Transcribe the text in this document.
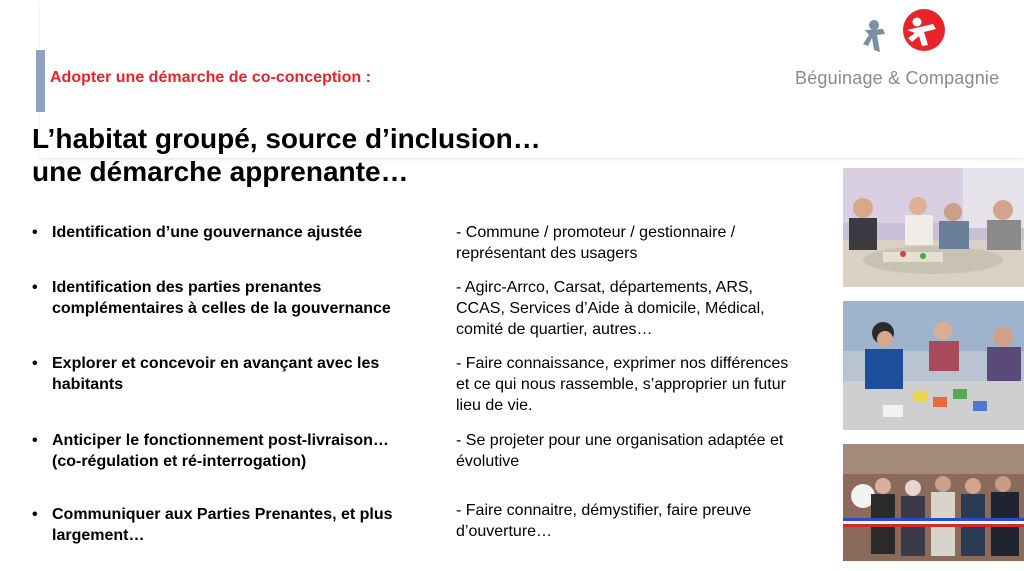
Adopter une démarche de co-conception :	Béguinage & Compagnie
L’habitat groupé, source d’inclusion…
une démarche apprenante…
• Identification d’une gouvernance ajustée
• Identification des parties prenantes
complémentaires à celles de la gouvernance
• Explorer et concevoir en avançant avec les
habitants
• Anticiper le fonctionnement post-livraison…
(co-régulation et ré-interrogation)
• Communiquer aux Parties Prenantes, et plus
largement…
- Commune / promoteur / gestionnaire /
représentant des usagers
- Agirc-Arrco, Carsat, départements, ARS,
CCAS, Services d’Aide à domicile, Médical,
comité de quartier, autres…
- Faire connaissance, exprimer nos différences
et ce qui nous rassemble, s’approprier un futur
lieu de vie.
- Se projeter pour une organisation adaptée et
évolutive
- Faire connaitre, démystifier, faire preuve
d’ouverture…
